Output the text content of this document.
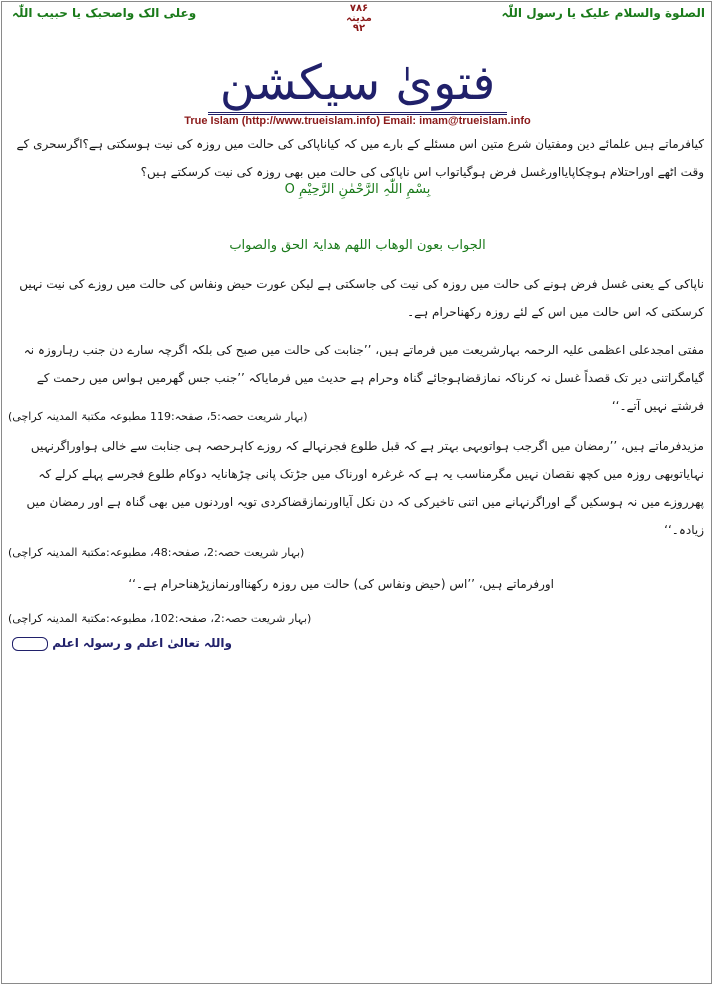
الصلوة والسلام علیک یا رسول اللّٰہ
۷۸۶
مدینہ
۹۲
وعلی الک واصحبک یا حبیب اللّٰہ
فتویٰ سیکشن
True Islam (http://www.trueislam.info) Email: imam@trueislam.info

کیافرماتے ہیں علمائے دین ومفتیان شرع متین اس مسئلے کے بارے میں کہ کیاناپاکی کی حالت میں روزہ کی نیت ہوسکتی ہے؟اگرسحری کے وقت اٹھے اوراحتلام ہوچکاپایااورغسل فرض ہوگیاتواب اس ناپاکی کی حالت میں بھی روزہ کی نیت کرسکتے ہیں؟

بِسْمِ اللّٰہِ الرَّحْمٰنِ الرَّحِیْمِ O

الجواب بعون الوھاب اللھم ھدایۃ الحق والصواب

ناپاکی کے یعنی غسل فرض ہونے کی حالت میں روزہ کی نیت کی جاسکتی ہے لیکن عورت حیض ونفاس کی حالت میں روزے کی نیت نہیں کرسکتی کہ اس حالت میں اس کے لئے روزہ رکھناحرام ہے۔

مفتی امجدعلی اعظمی علیہ الرحمہ بہارشریعت میں فرماتے ہیں، ’’جنابت کی حالت میں صبح کی بلکہ اگرچہ سارے دن جنب رہاروزہ نہ گیامگراتنی دیر تک قصداً غسل نہ کرناکہ نمازقضاہوجائے گناہ وحرام ہے حدیث میں فرمایاکہ ’’جنب جس گھرمیں ہواس میں رحمت کے فرشتے نہیں آتے۔‘‘

(بہار شریعت حصہ:5، صفحہ:119 مطبوعہ مکتبۃ المدینہ کراچی)

مزیدفرماتے ہیں، ’’رمضان میں اگرجب ہواتوبہی بہتر ہے کہ قبل طلوع فجرنہالے کہ روزے کاہرحصہ ہی جنابت سے خالی ہواوراگرنہیں نہایاتوبھی روزہ میں کچھ نقصان نہیں مگرمناسب یہ ہے کہ غرغرہ اورناک میں جڑتک پانی چڑھانایہ دوکام طلوع فجرسے پہلے کرلے کہ پھرروزے میں نہ ہوسکیں گے اوراگرنہانے میں اتنی تاخیرکی کہ دن نکل آیااورنمازقضاکردی تویہ اوردنوں میں بھی گناہ ہے اور رمضان میں زیادہ۔‘‘

(بہار شریعت حصہ:2، صفحہ:48، مطبوعہ:مکتبۃ المدینہ کراچی)

اورفرماتے ہیں، ’’اس (حیض ونفاس کی) حالت میں روزہ رکھنااورنمازپڑھناحرام ہے۔‘‘

(بہار شریعت حصہ:2، صفحہ:102، مطبوعہ:مکتبۃ المدینہ کراچی)

واللہ تعالیٰ اعلم و رسولہ اعلم
